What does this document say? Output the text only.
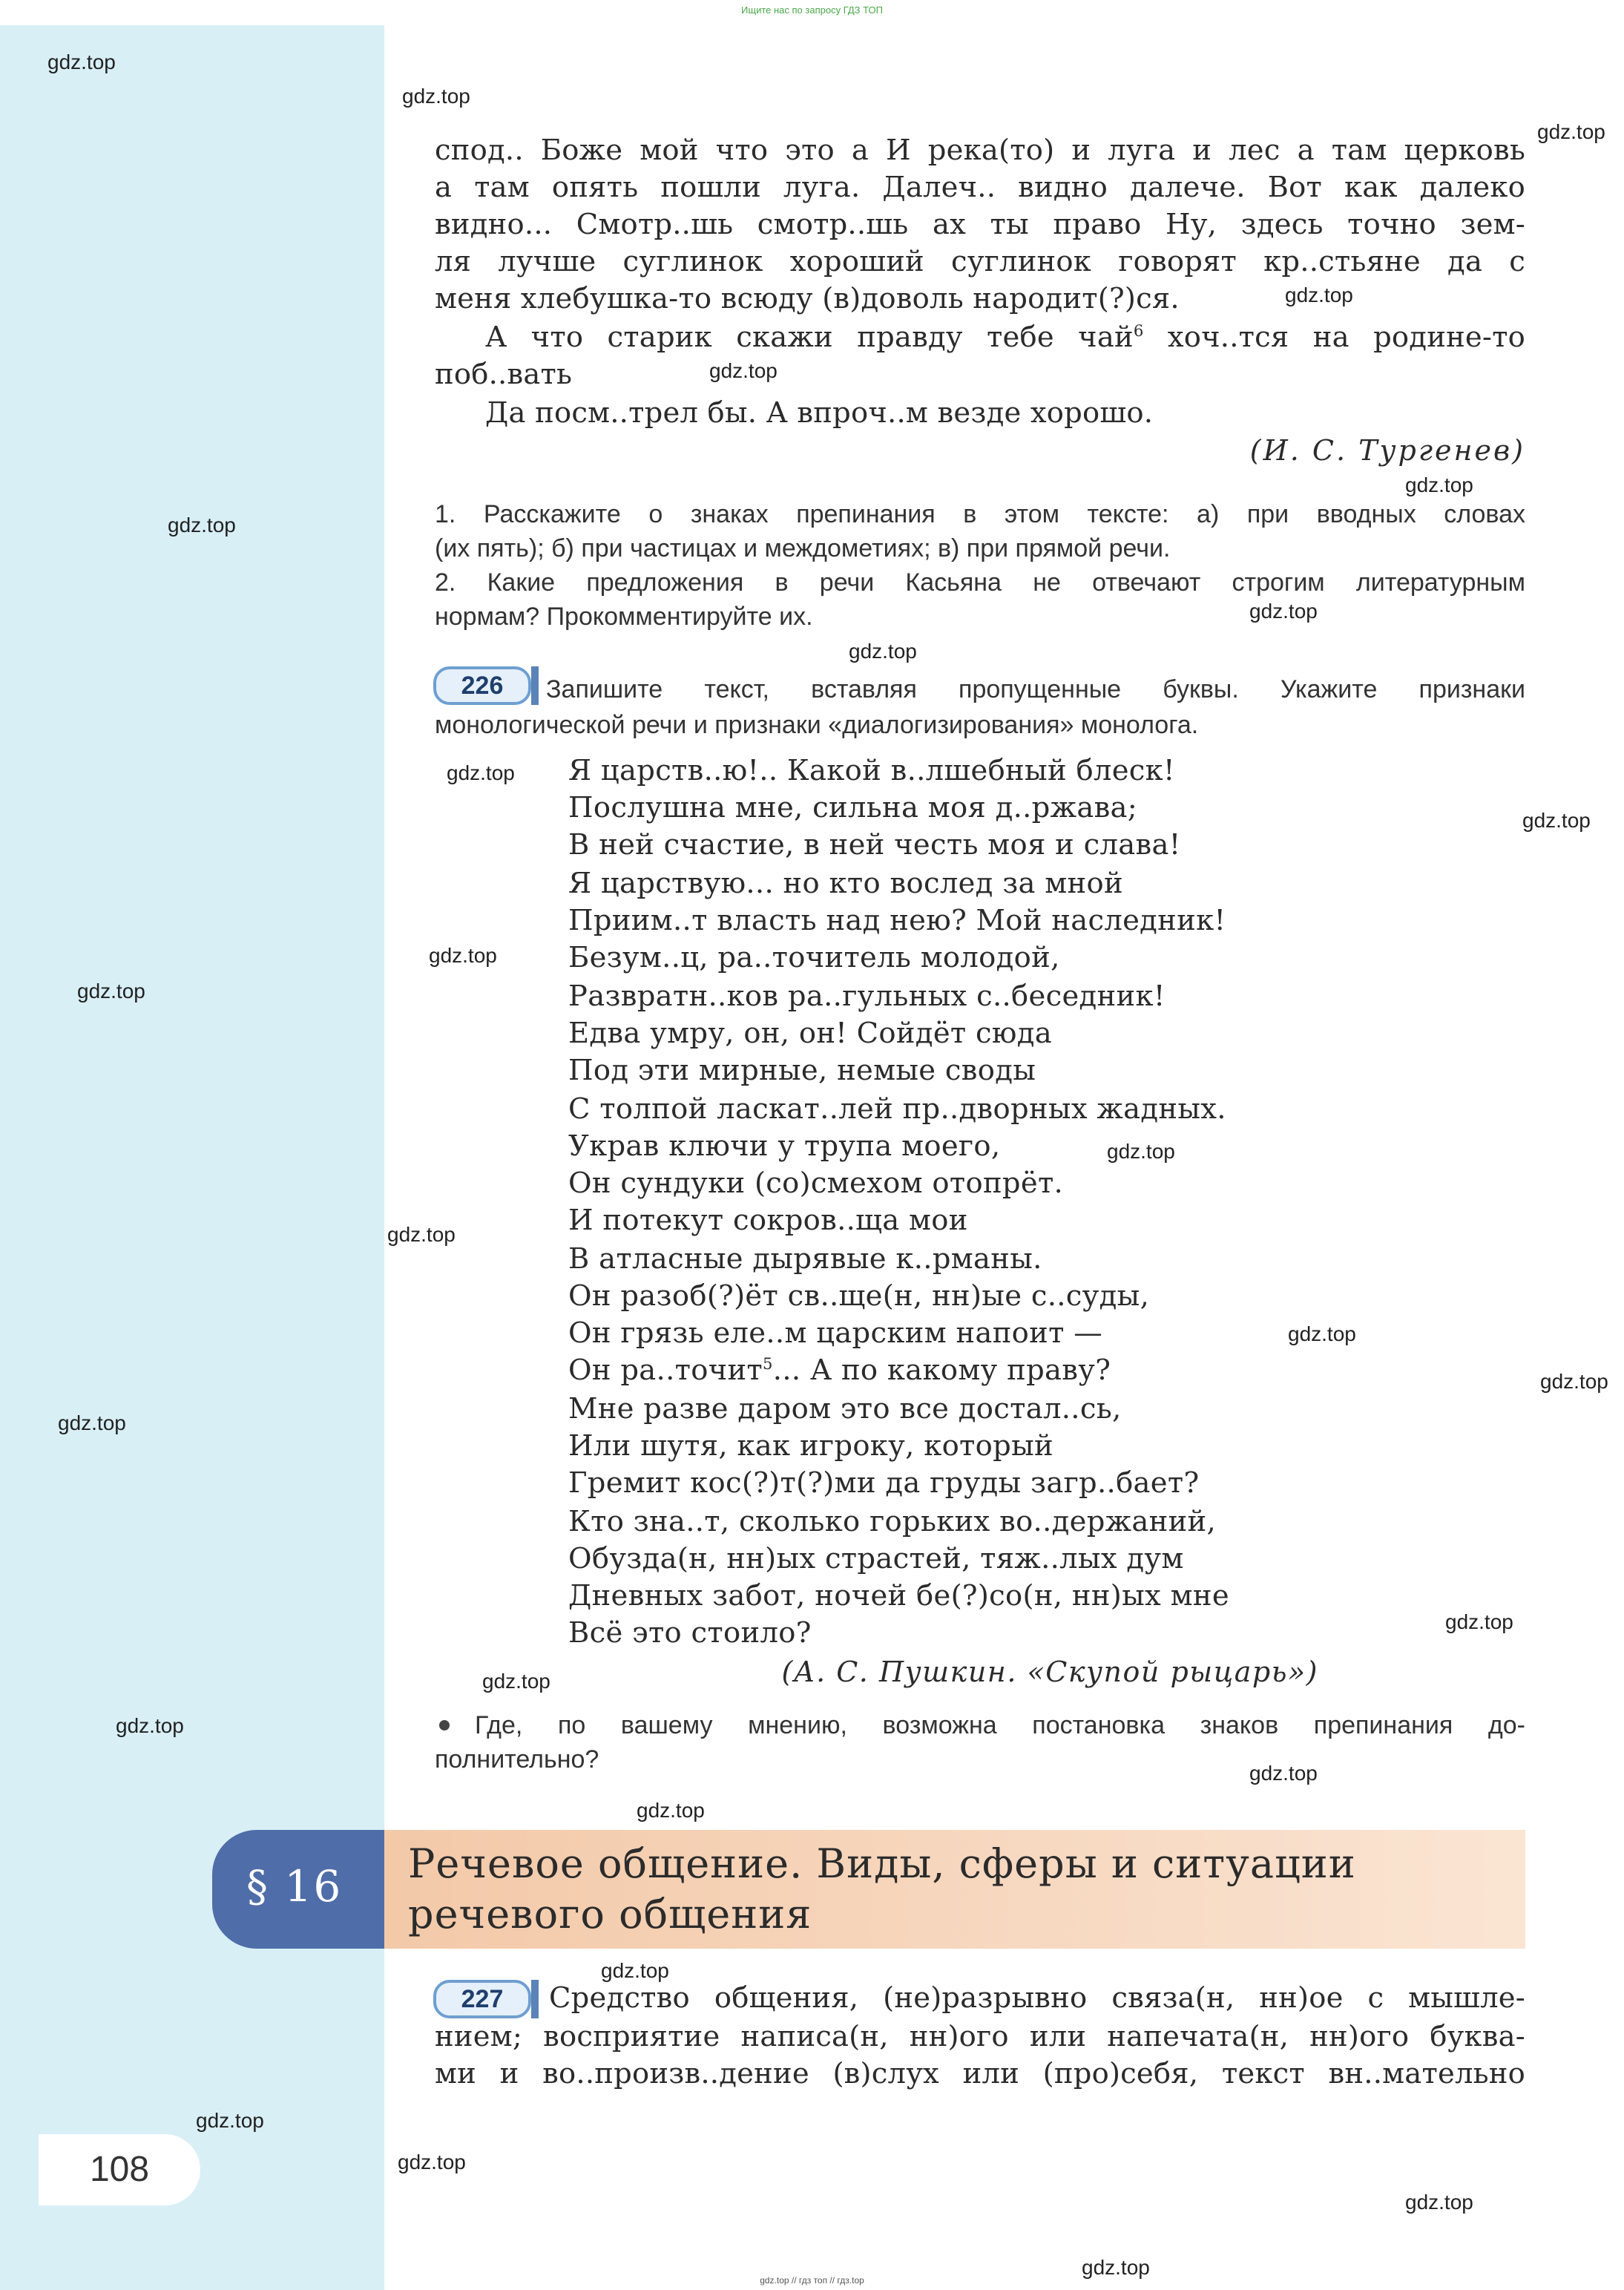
Ищите нас по запросу ГДЗ ТОП
gdz.top
gdz.top
gdz.top
gdz.top
gdz.top
gdz.top
gdz.top
gdz.top
gdz.top
gdz.top
gdz.top
gdz.top
gdz.top
gdz.top
gdz.top
gdz.top
gdz.top
gdz.top
gdz.top
gdz.top
gdz.top
gdz.top
gdz.top
gdz.top
gdz.top
gdz.top
gdz.top
gdz.top
спод.. Боже мой что это а И река(то) и луга и лес а там церковь
а там опять пошли луга. Далеч.. видно далече. Вот как далеко
видно... Смотр..шь смотр..шь ах ты право Ну, здесь точно зем-
ля лучше суглинок хороший суглинок говорят кр..стьяне да с
меня хлебушка-то всюду (в)доволь народит(?)ся.
А что старик скажи правду тебе чай$^6$ хоч..тся на родине-то
поб..вать
Да посм..трел бы. А впроч..м везде хорошо.
(И. С. Тургенев)
1. Расскажите о знаках препинания в этом тексте: а) при вводных словах
(их пять); б) при частицах и междометиях; в) при прямой речи.
2. Какие предложения в речи Касьяна не отвечают строгим литературным
нормам? Прокомментируйте их.
226	Запишите текст, вставляя пропущенные буквы. Укажите признаки
монологической речи и признаки «диалогизирования» монолога.
Я царств..ю!.. Какой в..лшебный блеск!
Послушна мне, сильна моя д..ржава;
В ней счастие, в ней честь моя и слава!
Я царствую... но кто вослед за мной
Приим..т власть над нею? Мой наследник!
Безум..ц, ра..точитель молодой,
Развратн..ков ра..гульных с..беседник!
Едва умру, он, он! Сойдёт сюда
Под эти мирные, немые своды
С толпой ласкат..лей пр..дворных жадных.
Украв ключи у трупа моего,
Он сундуки (со)смехом отопрёт.
И потекут сокров..ща мои
В атласные дырявые к..рманы.
Он разоб(?)ёт св..ще(н, нн)ые с..суды,
Он грязь еле..м царским напоит —
Он ра..точит$^5$... А по какому праву?
Мне разве даром это все достал..сь,
Или шутя, как игроку, который
Гремит кос(?)т(?)ми да груды загр..бает?
Кто зна..т, сколько горьких во..держаний,
Обузда(н, нн)ых страстей, тяж..лых дум
Дневных забот, ночей бе(?)со(н, нн)ых мне
Всё это стоило?
(А. С. Пушкин. «Скупой рыцарь»)
Где, по вашему мнению, возможна постановка знаков препинания до-
полнительно?
§ 16 Речевое общение. Виды, сферы и ситуации
речевого общения
227	Средство общения, (не)разрывно связа(н, нн)ое с мышле-
нием; восприятие написа(н, нн)ого или напечата(н, нн)ого буква-
ми и во..произв..дение (в)слух или (про)себя, текст вн..мательно
108
gdz.top // гдз топ // гдз.top
